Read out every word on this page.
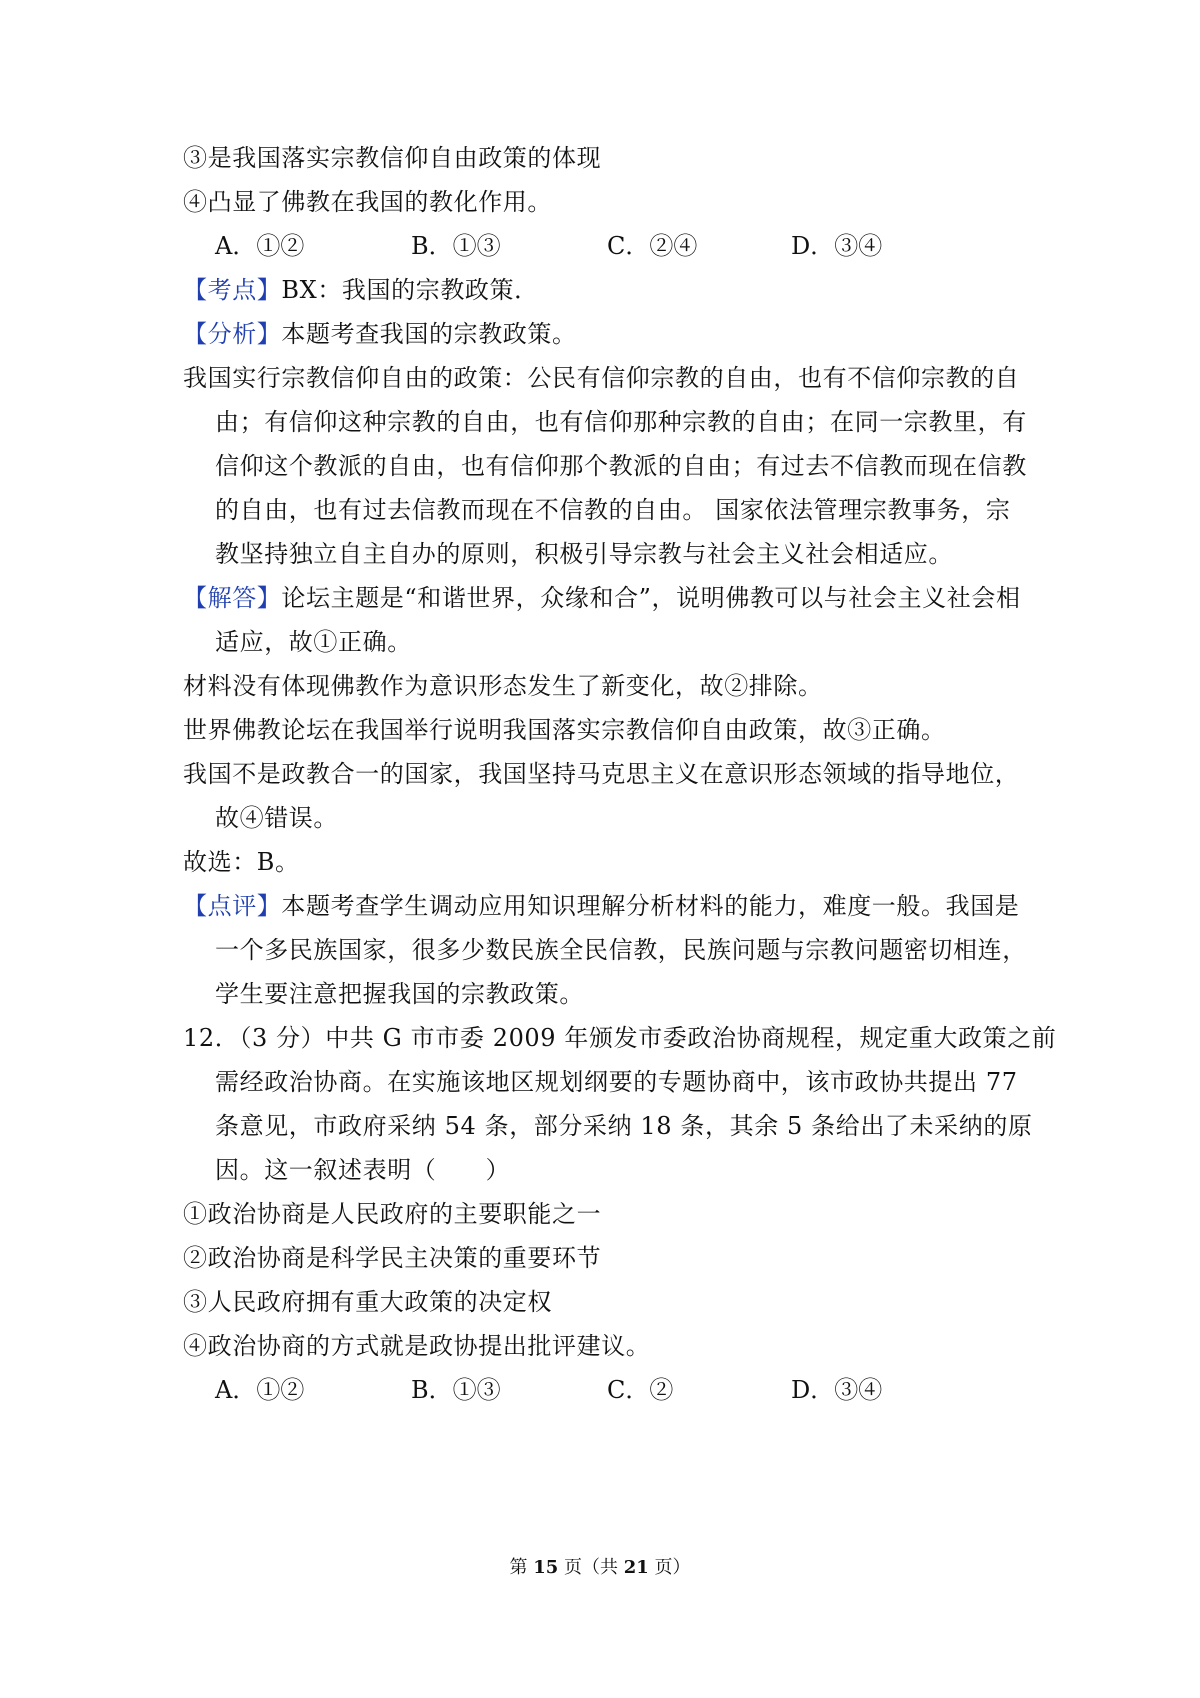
③是我国落实宗教信仰自由政策的体现
④凸显了佛教在我国的教化作用。
A．①②	B．①③	C．②④	D．③④
【考点】BX：我国的宗教政策．
【分析】本题考查我国的宗教政策。
我国实行宗教信仰自由的政策：公民有信仰宗教的自由，也有不信仰宗教的自
由；有信仰这种宗教的自由，也有信仰那种宗教的自由；在同一宗教里，有
信仰这个教派的自由，也有信仰那个教派的自由；有过去不信教而现在信教
的自由，也有过去信教而现在不信教的自由。 国家依法管理宗教事务，宗
教坚持独立自主自办的原则，积极引导宗教与社会主义社会相适应。
【解答】论坛主题是“和谐世界，众缘和合”，说明佛教可以与社会主义社会相
适应，故①正确。
材料没有体现佛教作为意识形态发生了新变化，故②排除。
世界佛教论坛在我国举行说明我国落实宗教信仰自由政策，故③正确。
我国不是政教合一的国家，我国坚持马克思主义在意识形态领域的指导地位，
故④错误。
故选：B。
【点评】本题考查学生调动应用知识理解分析材料的能力，难度一般。我国是
一个多民族国家，很多少数民族全民信教，民族问题与宗教问题密切相连，
学生要注意把握我国的宗教政策。
12．（3 分）中共 G 市市委 2009 年颁发市委政治协商规程，规定重大政策之前
需经政治协商。在实施该地区规划纲要的专题协商中，该市政协共提出 77
条意见，市政府采纳 54 条，部分采纳 18 条，其余 5 条给出了未采纳的原
因。这一叙述表明（　　）
①政治协商是人民政府的主要职能之一
②政治协商是科学民主决策的重要环节
③人民政府拥有重大政策的决定权
④政治协商的方式就是政协提出批评建议。
A．①②	B．①③	C．②	D．③④
第 15 页（共 21 页）
